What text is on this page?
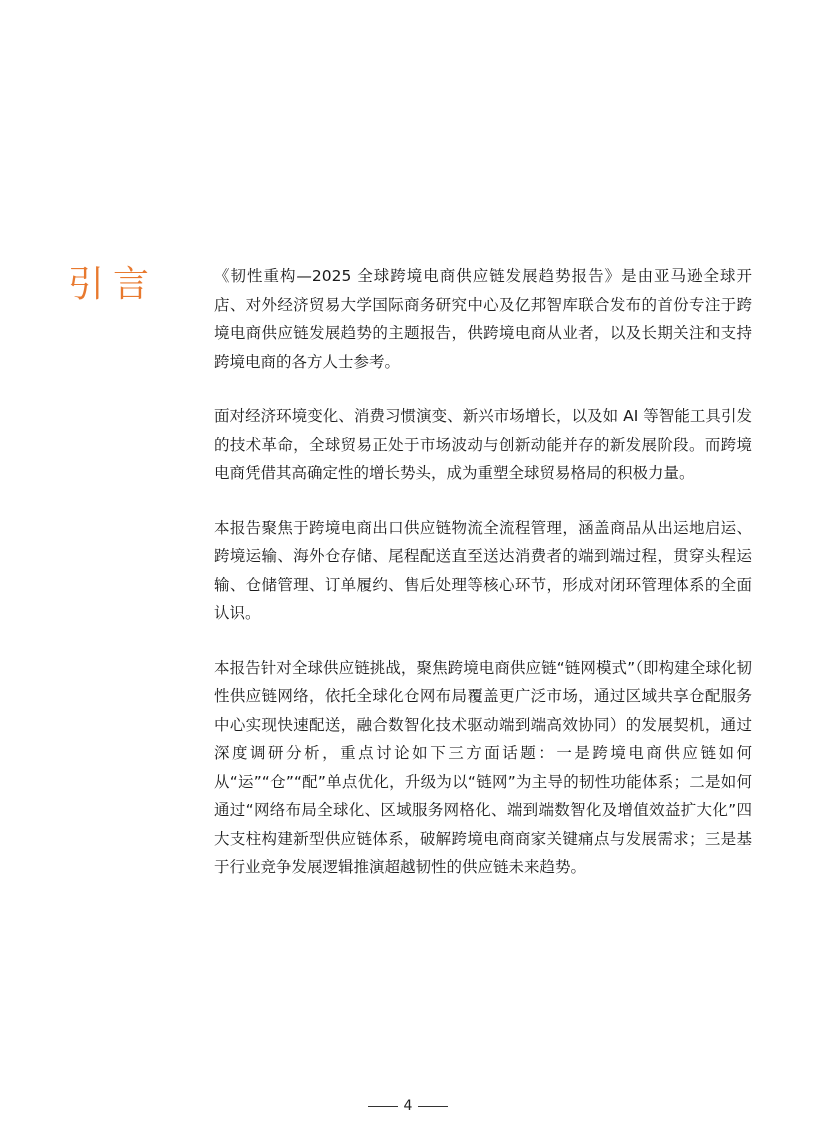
引言	《韧性重构—2025 全球跨境电商供应链发展趋势报告》是由亚马逊全球开店、对外经济贸易大学国际商务研究中心及亿邦智库联合发布的首份专注于跨境电商供应链发展趋势的主题报告，供跨境电商从业者，以及长期关注和支持跨境电商的各方人士参考。

面对经济环境变化、消费习惯演变、新兴市场增长，以及如 AI 等智能工具引发的技术革命，全球贸易正处于市场波动与创新动能并存的新发展阶段。而跨境电商凭借其高确定性的增长势头，成为重塑全球贸易格局的积极力量。

本报告聚焦于跨境电商出口供应链物流全流程管理，涵盖商品从出运地启运、跨境运输、海外仓存储、尾程配送直至送达消费者的端到端过程，贯穿头程运输、仓储管理、订单履约、售后处理等核心环节，形成对闭环管理体系的全面认识。

本报告针对全球供应链挑战，聚焦跨境电商供应链“链网模式”（即构建全球化韧性供应链网络，依托全球化仓网布局覆盖更广泛市场，通过区域共享仓配服务中心实现快速配送，融合数智化技术驱动端到端高效协同）的发展契机，通过深度调研分析，重点讨论如下三方面话题：一是跨境电商供应链如何从“运”“仓”“配”单点优化，升级为以“链网”为主导的韧性功能体系；二是如何通过“网络布局全球化、区域服务网格化、端到端数智化及增值效益扩大化”四大支柱构建新型供应链体系，破解跨境电商商家关键痛点与发展需求；三是基于行业竞争发展逻辑推演超越韧性的供应链未来趋势。

4
